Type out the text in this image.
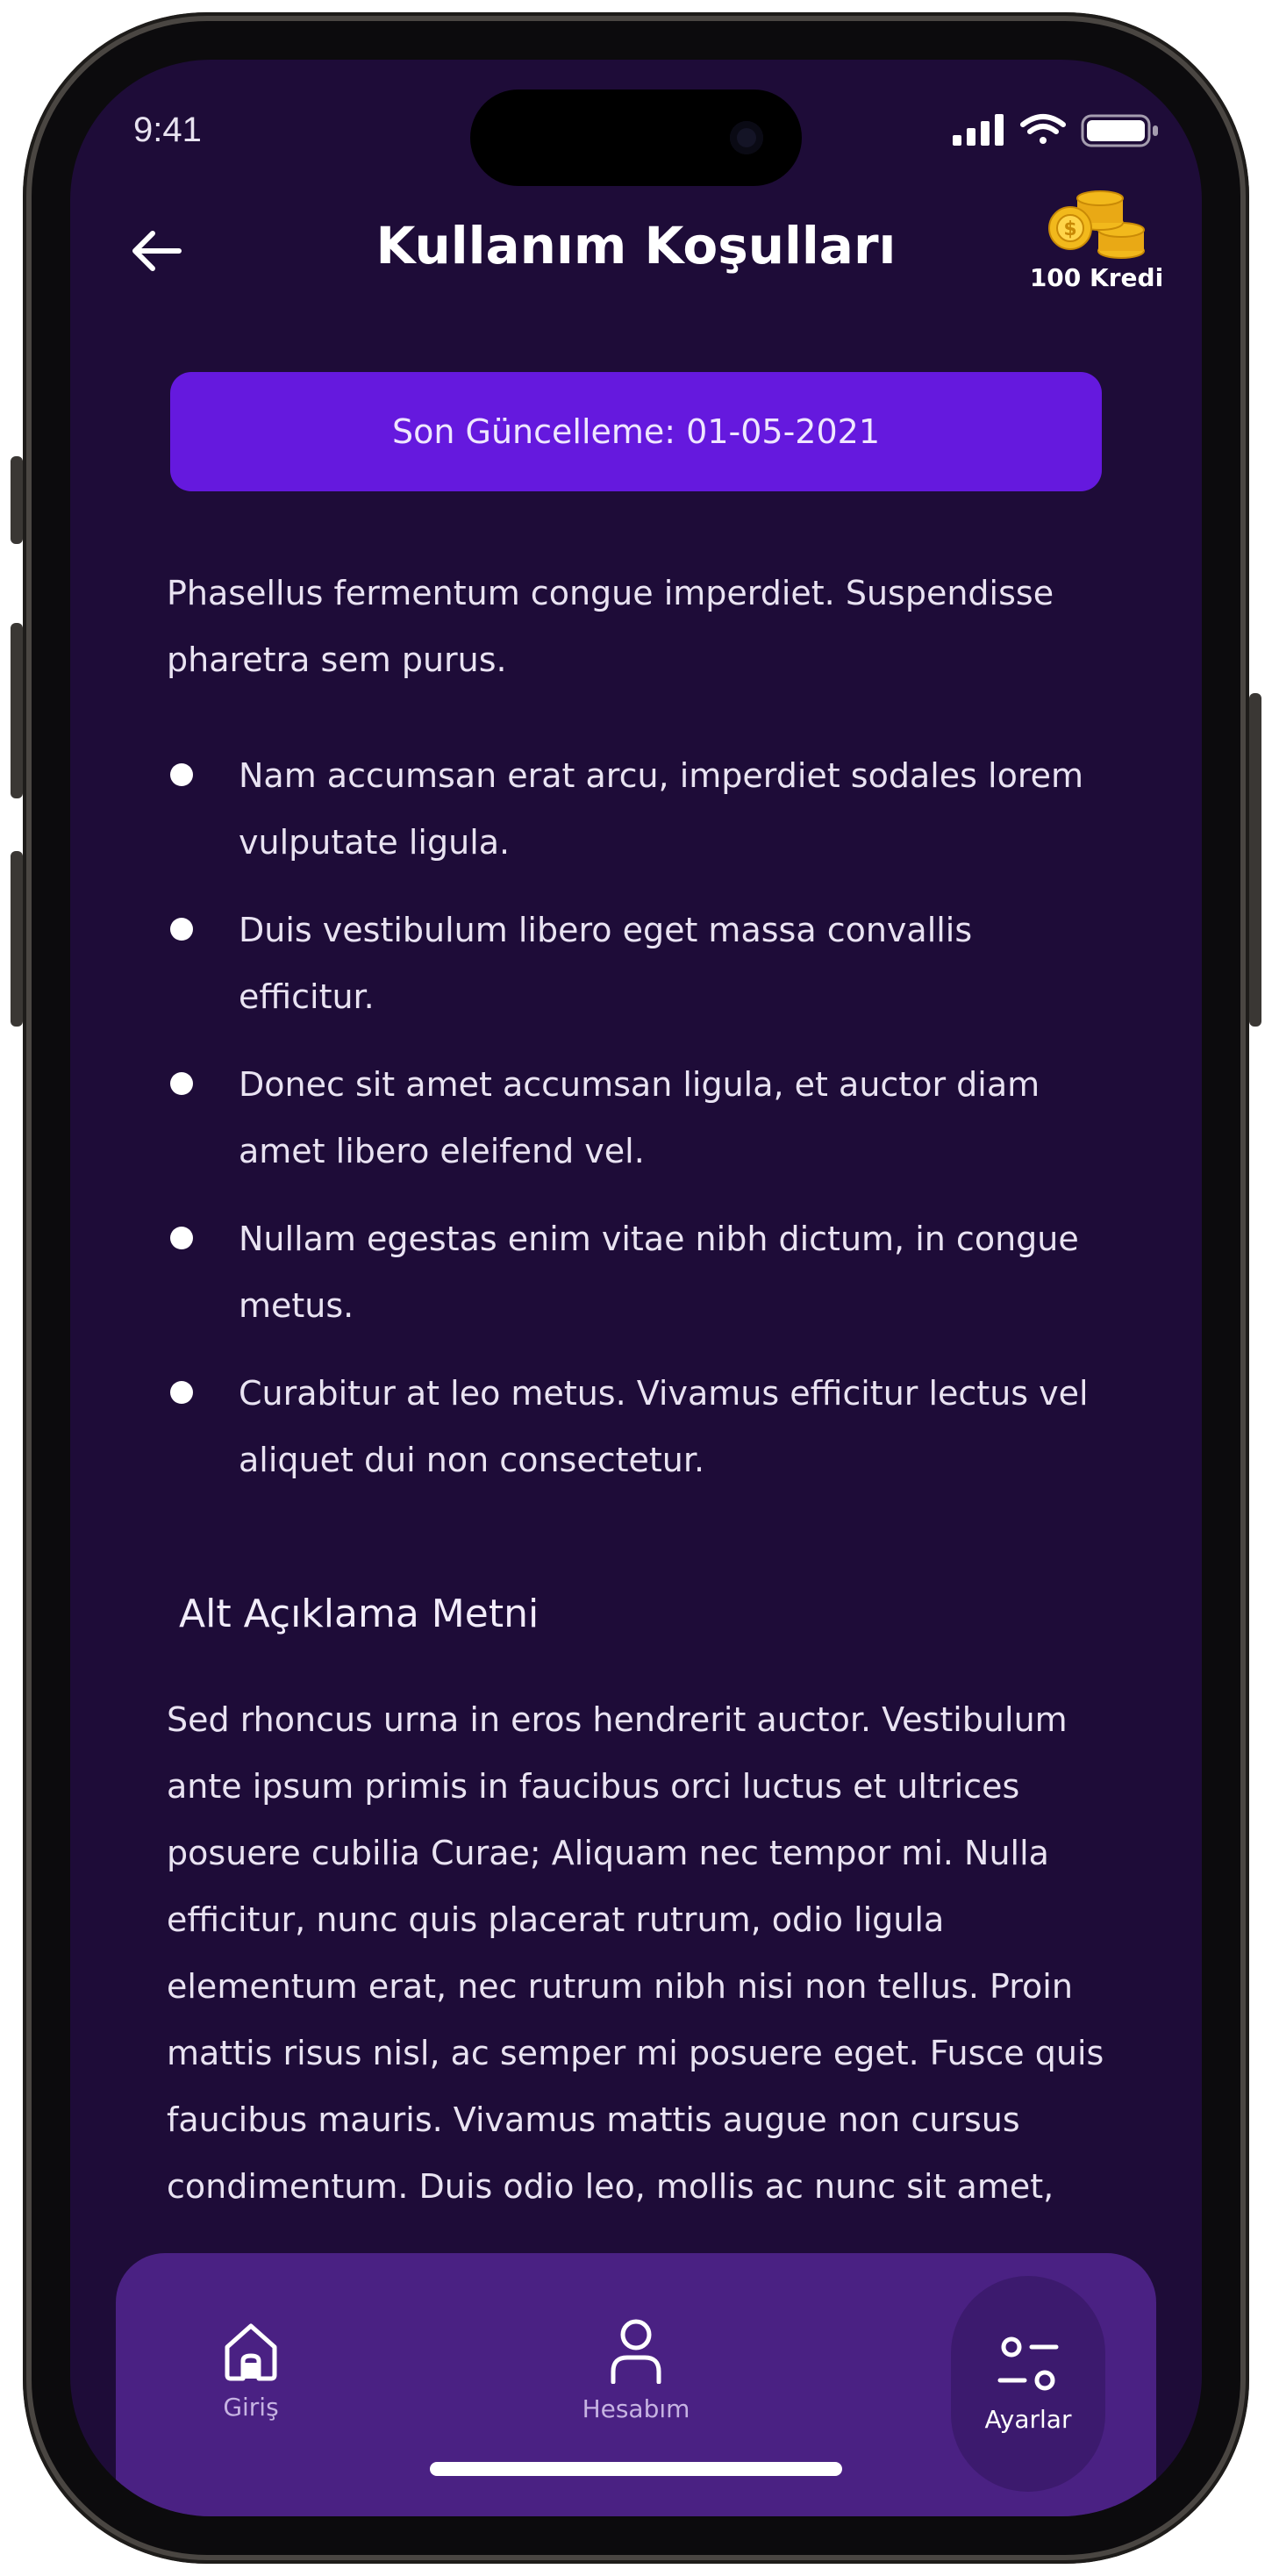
9:41
Kullanım Koşulları	$
100 Kredi
Son Güncelleme: 01-05-2021

Phasellus fermentum congue imperdiet. Suspendisse pharetra sem purus.

Nam accumsan erat arcu, imperdiet sodales lorem vulputate ligula.
Duis vestibulum libero eget massa convallis efficitur.
Donec sit amet accumsan ligula, et auctor diam amet libero eleifend vel.
Nullam egestas enim vitae nibh dictum, in congue metus.
Curabitur at leo metus. Vivamus efficitur lectus vel aliquet dui non consectetur.
Alt Açıklama Metni

Sed rhoncus urna in eros hendrerit auctor. Vestibulum ante ipsum primis in faucibus orci luctus et ultrices posuere cubilia Curae; Aliquam nec tempor mi. Nulla efficitur, nunc quis placerat rutrum, odio ligula elementum erat, nec rutrum nibh nisi non tellus. Proin mattis risus nisl, ac semper mi posuere eget. Fusce quis faucibus mauris. Vivamus mattis augue non cursus condimentum. Duis odio leo, mollis ac nunc sit amet,

Giriş	Hesabım	Ayarlar
